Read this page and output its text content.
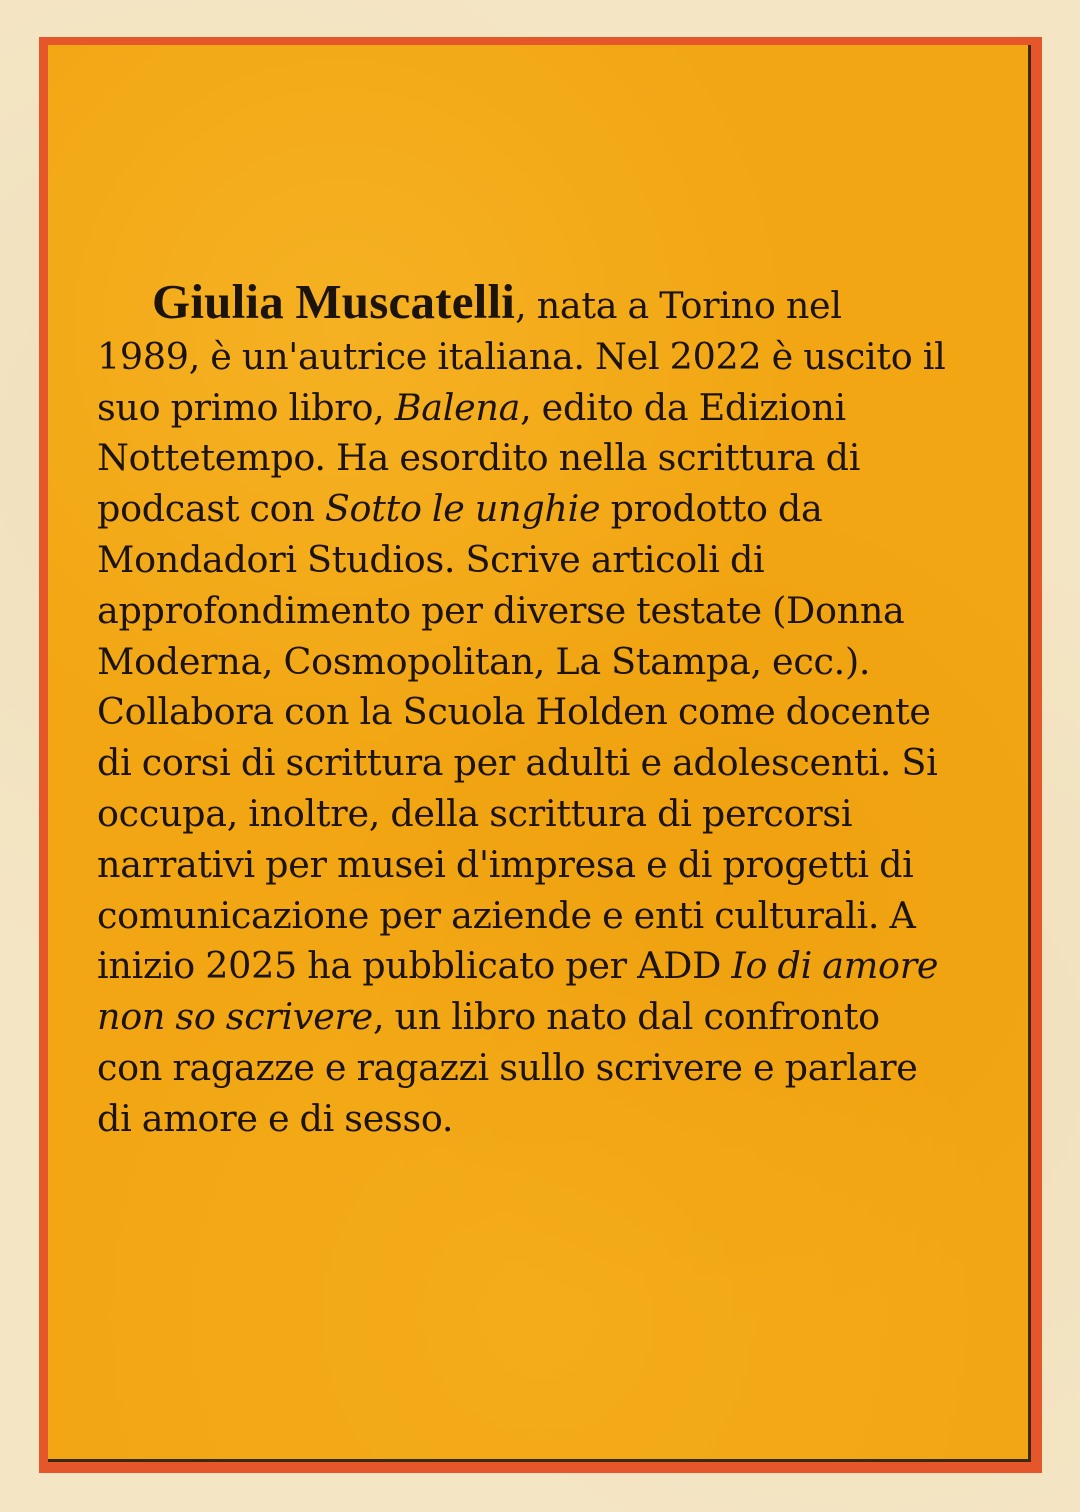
Giulia Muscatelli, nata a Torino nel 1989, è un'autrice italiana. Nel 2022 è uscito il suo primo libro, Balena, edito da Edizioni Nottetempo. Ha esordito nella scrittura di podcast con Sotto le unghie prodotto da Mondadori Studios. Scrive articoli di approfondimento per diverse testate (Donna Moderna, Cosmopolitan, La Stampa, ecc.). Collabora con la Scuola Holden come docente di corsi di scrittura per adulti e adolescenti. Si occupa, inoltre, della scrittura di percorsi narrativi per musei d'impresa e di progetti di comunicazione per aziende e enti culturali. A inizio 2025 ha pubblicato per ADD Io di amore non so scrivere, un libro nato dal confronto con ragazze e ragazzi sullo scrivere e parlare di amore e di sesso.
